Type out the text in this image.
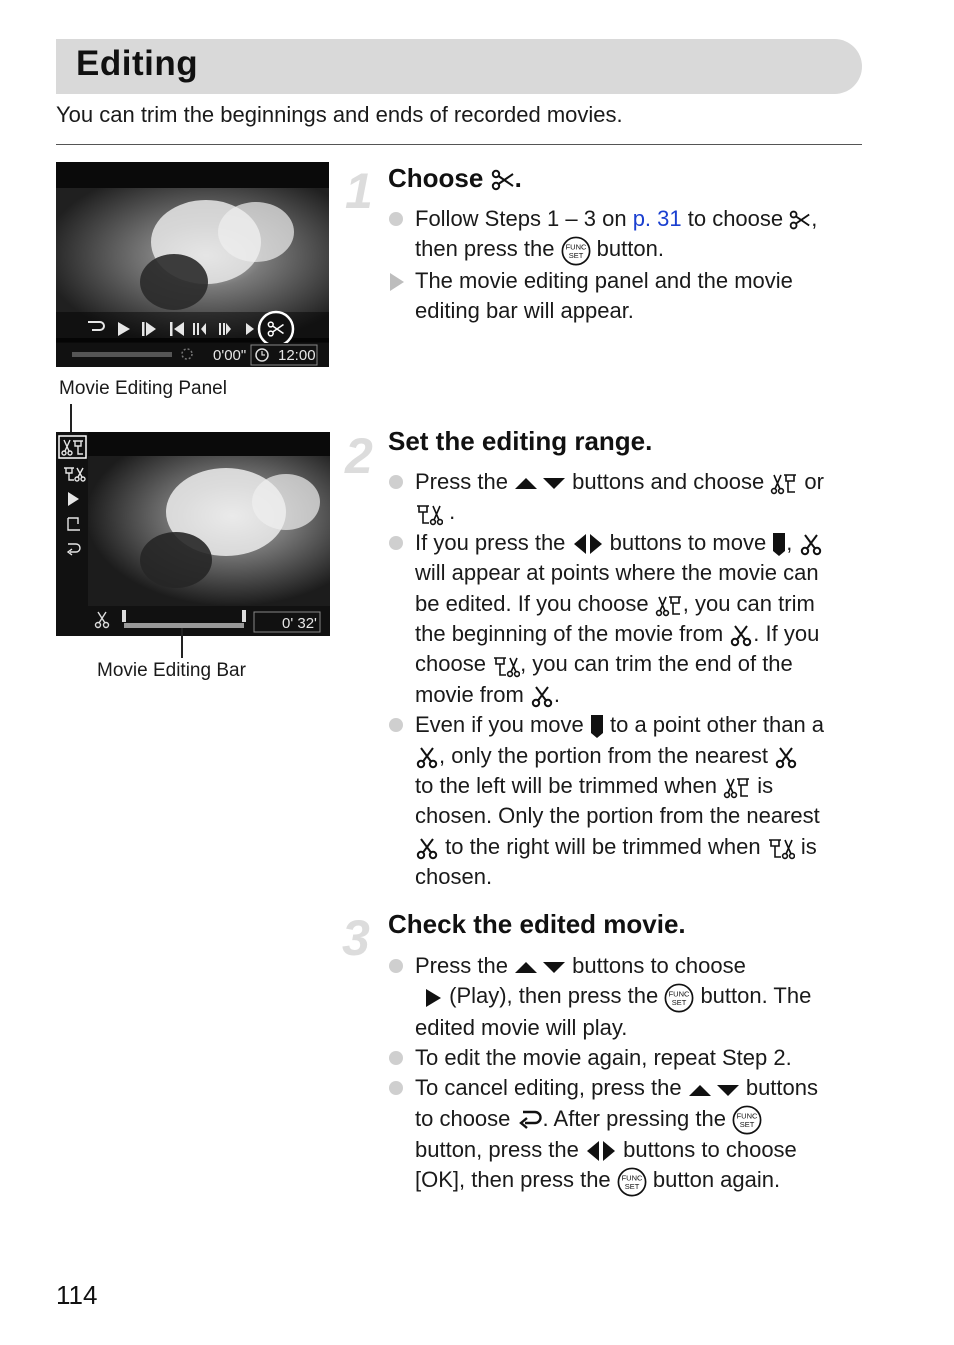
Editing
You can trim the beginnings and ends of recorded movies.
0'00" 12:00
Movie Editing Panel
0' 32'
Movie Editing Bar
1 Choose .
Follow Steps 1 – 3 on p. 31 to choose ,
then press the  button.
The movie editing panel and the movie
editing bar will appear.
2 Set the editing range.
Press the  buttons and choose  or
.
If you press the  buttons to move ,
will appear at points where the movie can
be edited. If you choose , you can trim
the beginning of the movie from . If you
choose , you can trim the end of the
movie from .
Even if you move  to a point other than a
, only the portion from the nearest
to the left will be trimmed when  is
chosen. Only the portion from the nearest
to the right will be trimmed when  is
chosen.
3 Check the edited movie.
Press the  buttons to choose
(Play), then press the  button. The
edited movie will play.
To edit the movie again, repeat Step 2.
To cancel editing, press the  buttons
to choose . After pressing the
button, press the  buttons to choose
[OK], then press the  button again.
114
